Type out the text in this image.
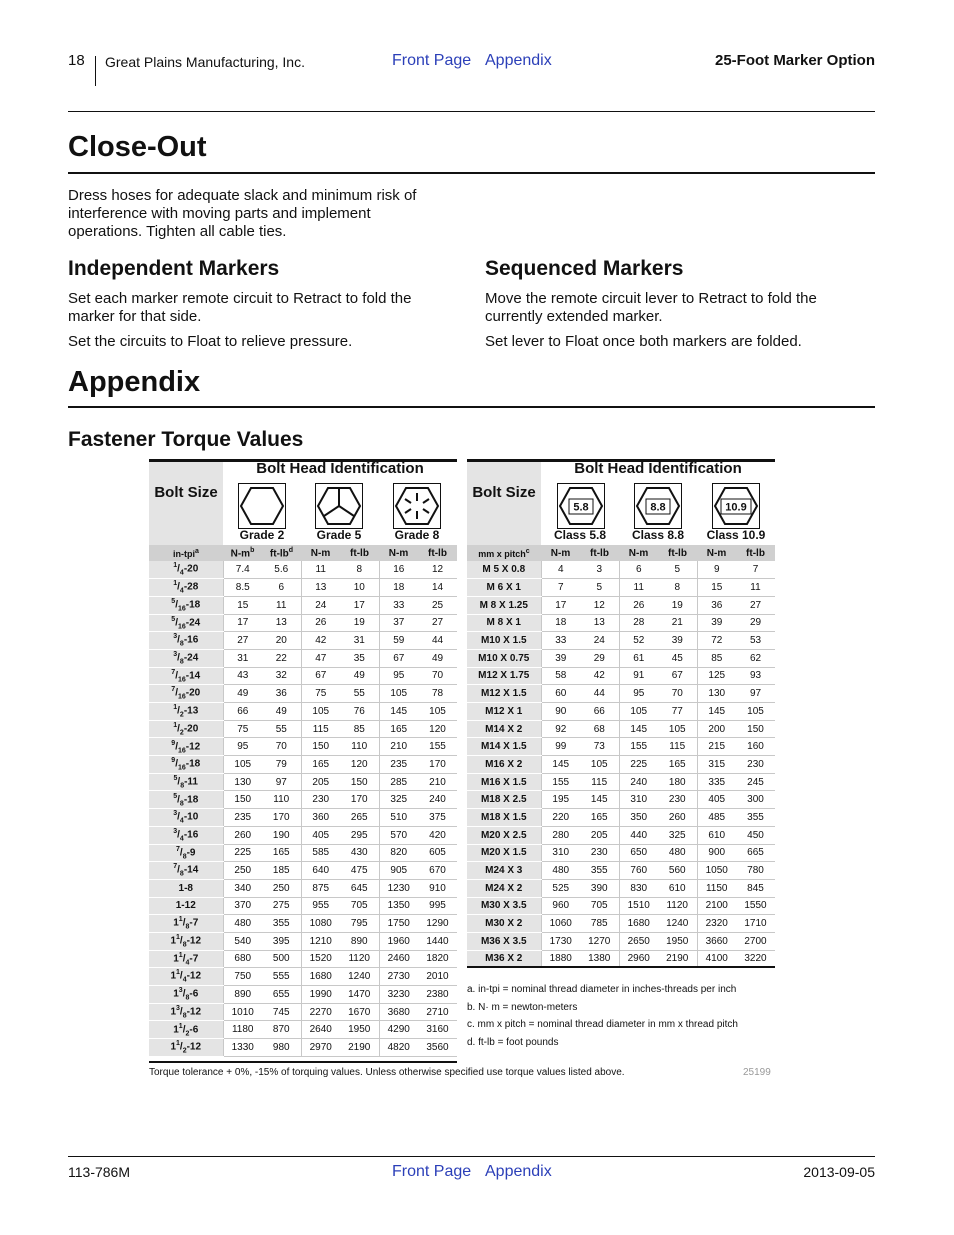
18 Great Plains Manufacturing, Inc.	Front Page Appendix	25-Foot Marker Option
Close-Out

Dress hoses for adequate slack and minimum risk of interference with moving parts and implement operations. Tighten all cable ties.

Independent Markers

Set each marker remote circuit to Retract to fold the marker for that side.

Set the circuits to Float to relieve pressure.

Sequenced Markers

Move the remote circuit lever to Retract to fold the currently extended marker.

Set lever to Float once both markers are folded.

Appendix
Fastener Torque Values
Bolt Size
Bolt Head Identification
Grade 2	Grade 5	Grade 8
in-tpi$^a$	$N-m^b$	$ft-lb^d$	N-m	ft-lb	N-m	ft-lb
$^1/_4-20$	7.4	5.6	11	8	16	12
$^1/_4-28$	8.5	6	13	10	18	14
$^5/_{16}-18$	15	11	24	17	33	25
$^5/_{16}-24$	17	13	26	19	37	27
$^3/_8-16$	27	20	42	31	59	44
$^3/_8-24$	31	22	47	35	67	49
$^7/_{16}-14$	43	32	67	49	95	70
$^7/_{16}-20$	49	36	75	55	105	78
$^1/_2-13$	66	49	105	76	145	105
$^1/_2-20$	75	55	115	85	165	120
$^9/_{16}-12$	95	70	150	110	210	155
$^9/_{16}-18$	105	79	165	120	235	170
$^5/_8-11$	130	97	205	150	285	210
$^5/_8-18$	150	110	230	170	325	240
$^3/_4-10$	235	170	360	265	510	375
$^3/_4-16$	260	190	405	295	570	420
$^7/_8-9$	225	165	585	430	820	605
$^7/_8-14$	250	185	640	475	905	670
1-8	340	250	875	645	1230	910
1-12	370	275	955	705	1350	995
$1^1/_8-7$	480	355	1080	795	1750	1290
$1^1/_8-12$	540	395	1210	890	1960	1440
$1^1/_4-7$	680	500	1520	1120	2460	1820
$1^1/_4-12$	750	555	1680	1240	2730	2010
$1^3/_8-6$	890	655	1990	1470	3230	2380
$1^3/_8-12$	1010	745	2270	1670	3680	2710
$1^1/_2-6$	1180	870	2640	1950	4290	3160
$1^1/_2-12$	1330	980	2970	2190	4820	3560
Bolt Size
Bolt Head Identification
5.8	8.8	10.9
Class 5.8	Class 8.8	Class 10.9
mm x pitch$^c$	N-m	ft-lb	N-m	ft-lb	N-m	ft-lb
M 5 X 0.8	4	3	6	5	9	7
M 6 X 1	7	5	11	8	15	11
M 8 X 1.25	17	12	26	19	36	27
M 8 X 1	18	13	28	21	39	29
M10 X 1.5	33	24	52	39	72	53
M10 X 0.75	39	29	61	45	85	62
M12 X 1.75	58	42	91	67	125	93
M12 X 1.5	60	44	95	70	130	97
M12 X 1	90	66	105	77	145	105
M14 X 2	92	68	145	105	200	150
M14 X 1.5	99	73	155	115	215	160
M16 X 2	145	105	225	165	315	230
M16 X 1.5	155	115	240	180	335	245
M18 X 2.5	195	145	310	230	405	300
M18 X 1.5	220	165	350	260	485	355
M20 X 2.5	280	205	440	325	610	450
M20 X 1.5	310	230	650	480	900	665
M24 X 3	480	355	760	560	1050	780
M24 X 2	525	390	830	610	1150	845
M30 X 3.5	960	705	1510	1120	2100	1550
M30 X 2	1060	785	1680	1240	2320	1710
M36 X 3.5	1730	1270	2650	1950	3660	2700
M36 X 2	1880	1380	2960	2190	4100	3220
a. in-tpi = nominal thread diameter in inches-threads per inch
b. N· m = newton-meters
c. mm x pitch = nominal thread diameter in mm x thread pitch
d. ft-lb = foot pounds
Torque tolerance + 0%, -15% of torquing values. Unless otherwise specified use torque values listed above.	25199
113-786M	Front Page Appendix	2013-09-05
